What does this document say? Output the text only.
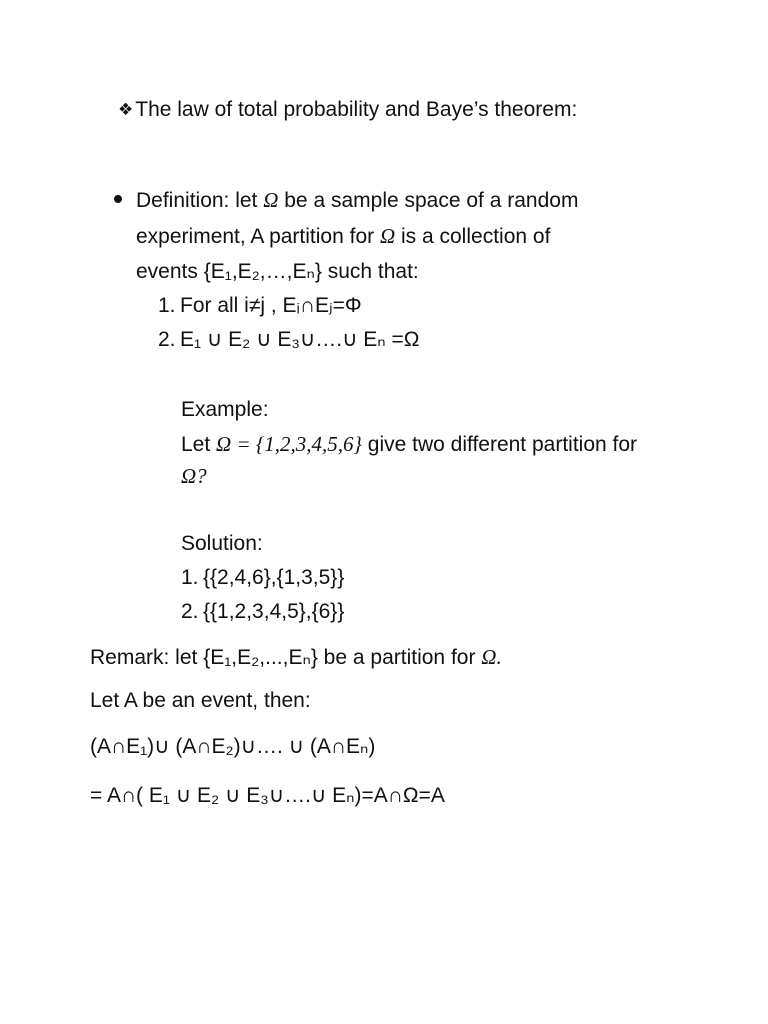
❖The law of total probability and Baye’s theorem:
Definition: let Ω be a sample space of a random
experiment, A partition for Ω is a collection of
events {E₁,E₂,…,Eₙ} such that:
1. For all i≠j , Eᵢ∩Eⱼ=Φ
2. E₁ ∪ E₂ ∪ E₃∪….∪ Eₙ =Ω
Example:
Let Ω = {1,2,3,4,5,6} give two different partition for
Ω?
Solution:
1. {{2,4,6},{1,3,5}}
2. {{1,2,3,4,5},{6}}
Remark: let {E₁,E₂,...,Eₙ} be a partition for Ω.
Let A be an event, then:
(A∩E₁)∪ (A∩E₂)∪…. ∪ (A∩Eₙ)
= A∩( E₁ ∪ E₂ ∪ E₃∪….∪ Eₙ)=A∩Ω=A
